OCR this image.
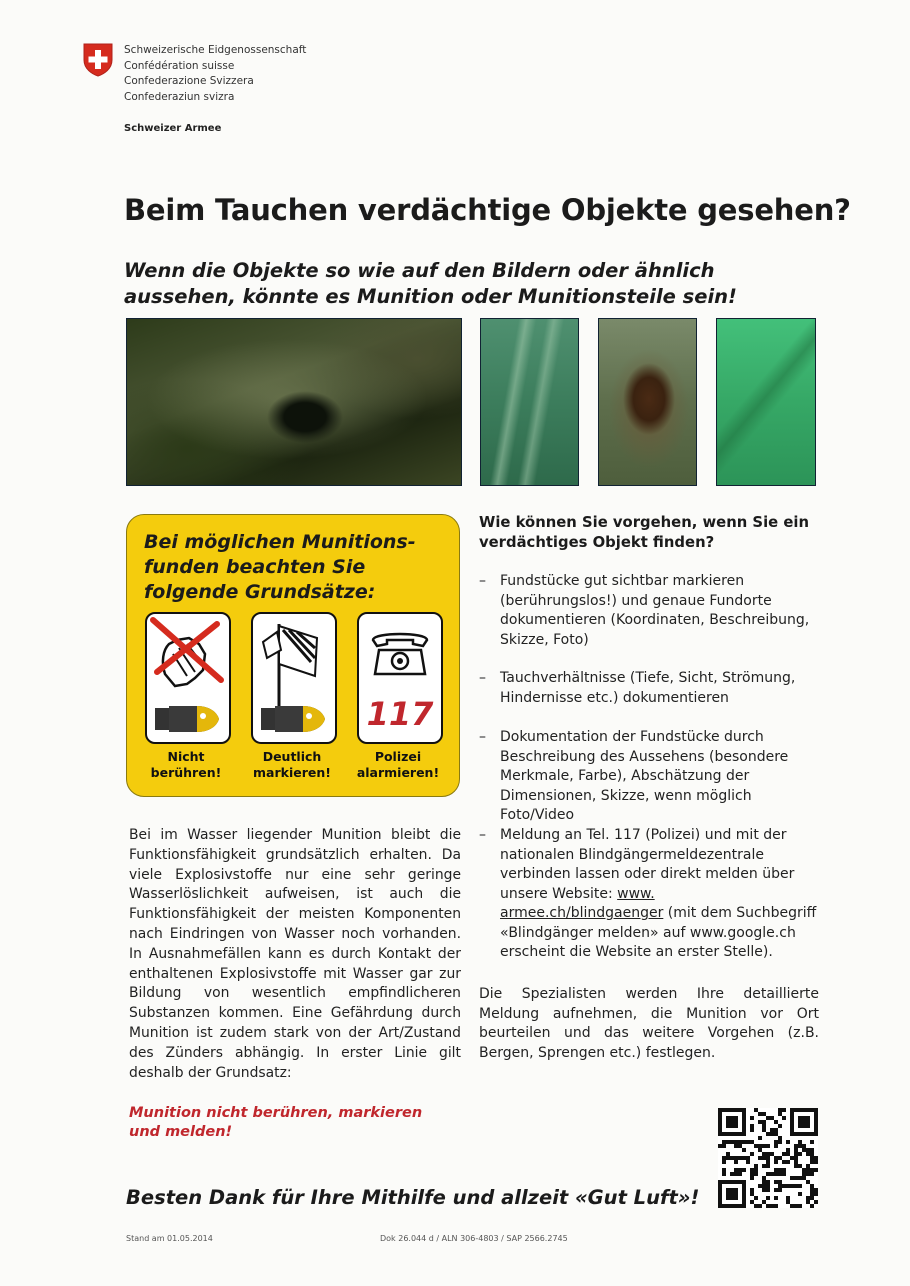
Schweizerische Eidgenossenschaft
Confédération suisse
Confederazione Svizzera
Confederaziun svizra
Schweizer Armee
Beim Tauchen verdächtige Objekte gesehen?
Wenn die Objekte so wie auf den Bildern oder ähnlich aussehen, könnte es Munition oder Munitionsteile sein!
Bei möglichen Munitions-funden beachten Sie folgende Grundsätze:
117
Nicht berühren!
Deutlich markieren!
Polizei alarmieren!
Bei im Wasser liegender Munition bleibt die Funktionsfähigkeit grundsätzlich erhalten. Da viele Explosivstoffe nur eine sehr geringe Wasserlöslichkeit aufweisen, ist auch die Funktionsfähigkeit der meisten Komponenten nach Eindringen von Wasser noch vorhanden. In Ausnahmefällen kann es durch Kontakt der enthaltenen Explosivstoffe mit Wasser gar zur Bildung von wesentlich empfindlicheren Substanzen kommen. Eine Gefährdung durch Munition ist zudem stark von der Art/Zustand des Zünders abhängig. In erster Linie gilt deshalb der Grundsatz:
Munition nicht berühren, markieren und melden!
Wie können Sie vorgehen, wenn Sie ein verdächtiges Objekt finden?
– Fundstücke gut sichtbar markieren (berührungslos!) und genaue Fundorte dokumentieren (Koordinaten, Beschreibung, Skizze, Foto)
– Tauchverhältnisse (Tiefe, Sicht, Strömung, Hindernisse etc.) dokumentieren
– Dokumentation der Fundstücke durch Beschreibung des Aussehens (besondere Merkmale, Farbe), Abschätzung der Dimensionen, Skizze, wenn möglich Foto/Video
– Meldung an Tel. 117 (Polizei) und mit der nationalen Blindgängermeldezentrale verbinden lassen oder direkt melden über unsere Website: www. armee.ch/blindgaenger (mit dem Suchbegriff «Blindgänger melden» auf www.google.ch erscheint die Website an erster Stelle).
Die Spezialisten werden Ihre detaillierte Meldung aufnehmen, die Munition vor Ort beurteilen und das weitere Vorgehen (z.B. Bergen, Sprengen etc.) festlegen.
Besten Dank für Ihre Mithilfe und allzeit «Gut Luft»!
Stand am 01.05.2014	Dok 26.044 d / ALN 306-4803 / SAP 2566.2745
